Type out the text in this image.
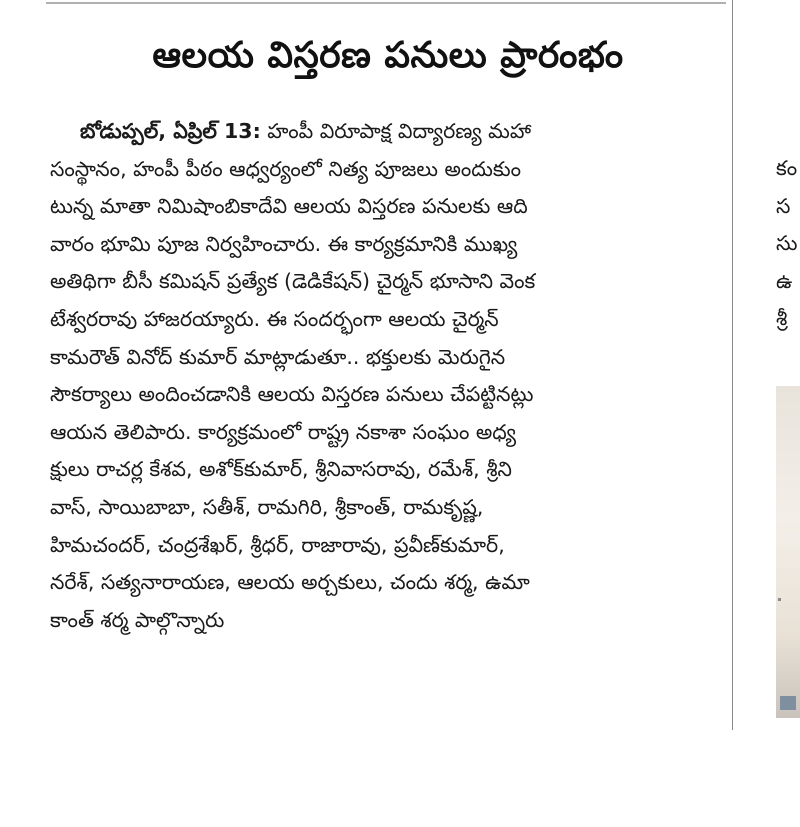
ఆలయ విస్తరణ పనులు ప్రారంభం
బోడుప్పల్, ఏప్రిల్ 13: హంపీ విరూపాక్ష విద్యారణ్య మహా
సంస్థానం, హంపీ పీఠం ఆధ్వర్యంలో నిత్య పూజలు అందుకుం
టున్న మాతా నిమిషాంబికాదేవి ఆలయ విస్తరణ పనులకు ఆది
వారం భూమి పూజ నిర్వహించారు. ఈ కార్యక్రమానికి ముఖ్య
అతిథిగా బీసీ కమిషన్ ప్రత్యేక (డెడికేషన్) చైర్మన్ భూసాని వెంక
టేశ్వరరావు హాజరయ్యారు. ఈ సందర్భంగా ఆలయ చైర్మన్
కామరౌత్ వినోద్ కుమార్ మాట్లాడుతూ.. భక్తులకు మెరుగైన
సౌకర్యాలు అందించడానికి ఆలయ విస్తరణ పనులు చేపట్టినట్లు
ఆయన తెలిపారు. కార్యక్రమంలో రాష్ట్ర నకాశా సంఘం అధ్య
క్షులు రాచర్ల కేశవ, అశోక్‌కుమార్, శ్రీనివాసరావు, రమేశ్, శ్రీని
వాస్, సాయిబాబా, సతీశ్, రామగిరి, శ్రీకాంత్, రామకృష్ణ,
హిమచందర్, చంద్రశేఖర్, శ్రీధర్, రాజారావు, ప్రవీణ్‌కుమార్,
నరేశ్, సత్యనారాయణ, ఆలయ అర్చకులు, చందు శర్మ, ఉమా
కాంత్ శర్మ పాల్గొన్నారు
కం
స
సు
ఉ
శ్రీ
